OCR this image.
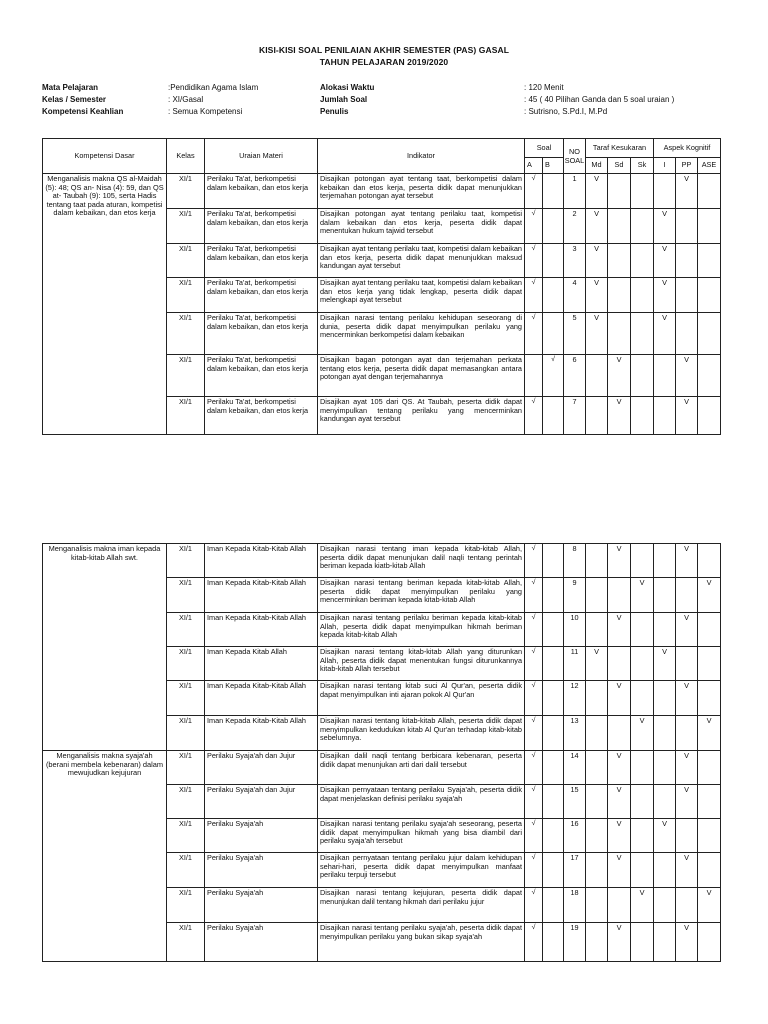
KISI-KISI SOAL PENILAIAN AKHIR SEMESTER (PAS) GASAL
TAHUN PELAJARAN 2019/2020
Mata Pelajaran
Kelas / Semester
Kompetensi Keahlian
:Pendidikan Agama Islam
: XI/Gasal
: Semua Kompetensi
Alokasi Waktu
Jumlah Soal
Penulis
: 120 Menit
: 45 ( 40 Pilihan Ganda dan 5 soal uraian )
: Sutrisno, S.Pd.I, M.Pd
Kompetensi Dasar	Kelas	Uraian Materi	Indikator	Soal		NO SOAL	Taraf Kesukaran			Aspek Kognitif		
				A	B		Md	Sd	Sk	I	PP	ASE
Menganalisis makna QS al-Maidah (5): 48; QS an- Nisa (4): 59, dan QS at- Taubah (9): 105, serta Hadis tentang taat pada aturan, kompetisi dalam kebaikan, dan etos kerja	XI/1	Perilaku Ta'at, berkompetisi dalam kebaikan, dan etos kerja	Disajikan potongan ayat tentang taat, berkompetisi dalam kebaikan dan etos kerja, peserta didik dapat menunjukkan terjemahan potongan ayat tersebut	√		1	V				V	
	XI/1	Perilaku Ta'at, berkompetisi dalam kebaikan, dan etos kerja	Disajikan potongan ayat tentang perilaku taat, kompetisi dalam kebaikan dan etos kerja, peserta didik dapat menentukan hukum tajwid tersebut	√		2	V			V		
	XI/1	Perilaku Ta'at, berkompetisi dalam kebaikan, dan etos kerja	Disajikan ayat tentang perilaku taat, kompetisi dalam kebaikan dan etos kerja, peserta didik dapat menunjukkan maksud kandungan ayat tersebut	√		3	V			V		
	XI/1	Perilaku Ta'at, berkompetisi dalam kebaikan, dan etos kerja	Disajikan ayat tentang perilaku taat, kompetisi dalam kebaikan dan etos kerja yang tidak lengkap, peserta didik dapat melengkapi ayat tersebut	√		4	V			V		
	XI/1	Perilaku Ta'at, berkompetisi dalam kebaikan, dan etos kerja	Disajikan narasi tentang perilaku kehidupan seseorang di dunia, peserta didik dapat menyimpulkan perilaku yang mencerminkan berkompetisi dalam kebaikan	√		5	V			V		
	XI/1	Perilaku Ta'at, berkompetisi dalam kebaikan, dan etos kerja	Disajikan bagan potongan ayat dan terjemahan perkata tentang etos kerja, peserta didik dapat memasangkan antara potongan ayat dengan terjemahannya		√	6		V			V	
	XI/1	Perilaku Ta'at, berkompetisi dalam kebaikan, dan etos kerja	Disajikan ayat 105 dari QS. At Taubah, peserta didik dapat menyimpulkan tentang perilaku yang mencerminkan kandungan ayat tersebut	√		7		V			V	
Menganalisis makna iman kepada kitab-kitab Allah swt.	XI/1	Iman Kepada Kitab-Kitab Allah	Disajikan narasi tentang iman kepada kitab-kitab Allah, peserta didik dapat menunjukan dalil naqli tentang perintah beriman kepada kiatb-kitab Allah	√		8		V			V	
	XI/1	Iman Kepada Kitab-Kitab Allah	Disajikan narasi tentang beriman kepada kitab-kitab Allah, peserta didik dapat menyimpulkan perilaku yang mencerminkan beriman kepada kitab-kitab Allah	√		9			V			V
	XI/1	Iman Kepada Kitab-Kitab Allah	Disajikan narasi tentang perilaku beriman kepada kitab-kitab Allah, peserta didik dapat menyimpulkan hikmah beriman kepada kitab-kitab Allah	√		10		V			V	
	XI/1	Iman Kepada Kitab Allah	Disajikan narasi tentang kitab-kitab Allah yang diturunkan Allah, peserta didik dapat menentukan fungsi diturunkannya kitab-kitab Allah tersebut	√		11	V			V		
	XI/1	Iman Kepada Kitab-Kitab Allah	Disajikan narasi tentang kitab suci Al Qur'an, peserta didik dapat menyimpulkan inti ajaran pokok Al Qur'an	√		12		V			V	
	XI/1	Iman Kepada Kitab-Kitab Allah	Disajikan narasi tentang kitab-kitab Allah, peserta didik dapat menyimpulkan kedudukan kitab Al Qur'an terhadap kitab-kitab sebelumnya.	√		13			V			V
Menganalisis makna syaja'ah (berani membela kebenaran) dalam mewujudkan kejujuran	XI/1	Perilaku Syaja'ah dan Jujur	Disajikan dalil naqli tentang berbicara kebenaran, peserta didik dapat menunjukan arti dari dalil tersebut	√		14		V			V	
	XI/1	Perilaku Syaja'ah dan Jujur	Disajikan pernyataan tentang perilaku Syaja'ah, peserta didik dapat menjelaskan definisi perilaku syaja'ah	√		15		V			V	
	XI/1	Perilaku Syaja'ah	Disajikan narasi tentang perilaku syaja'ah seseorang, peserta didik dapat menyimpulkan hikmah yang bisa diambil dari perilaku syaja'ah tersebut	√		16		V		V		
	XI/1	Perilaku Syaja'ah	Disajikan pernyataan tentang perilaku jujur dalam kehidupan sehari-hari, peserta didik dapat menyimpulkan manfaat perilaku terpuji tersebut	√		17		V			V	
	XI/1	Perilaku Syaja'ah	Disajikan narasi tentang kejujuran, peserta didik dapat menunjukan dalil tentang hikmah dari perilaku jujur	√		18			V			V
	XI/1	Perilaku Syaja'ah	Disajikan narasi tentang perilaku syaja'ah, peserta didik dapat menyimpulkan perilaku yang bukan sikap syaja'ah	√		19		V			V	
